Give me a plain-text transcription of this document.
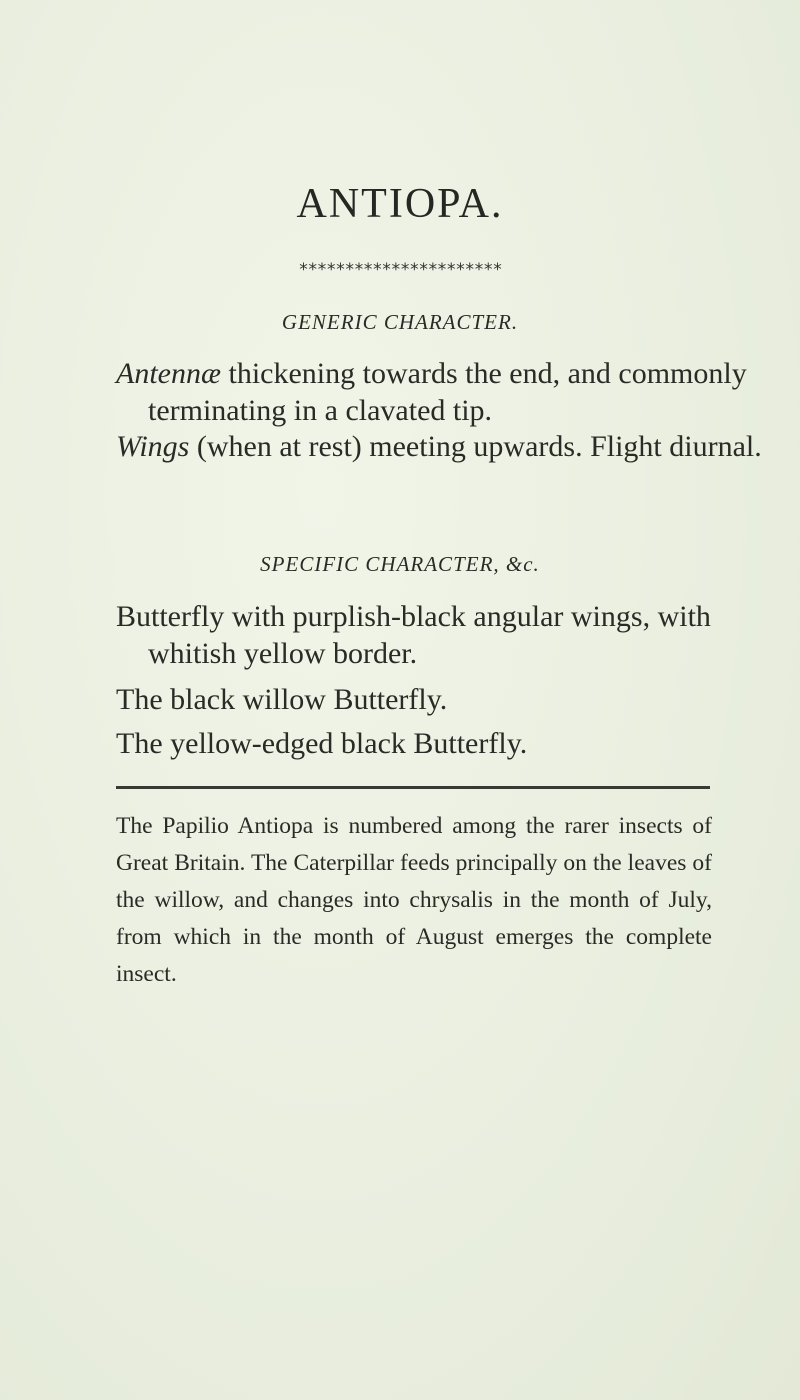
ANTIOPA.
**********************
GENERIC CHARACTER.

Antennæ thickening towards the end, and commonly terminating in a clavated tip.

Wings (when at rest) meeting upwards. Flight diurnal.

SPECIFIC CHARACTER, &c.

Butterfly with purplish-black angular wings, with whitish yellow border.

The black willow Butterfly.
The yellow-edged black Butterfly.

The Papilio Antiopa is numbered among the rarer insects of Great Britain. The Caterpillar feeds principally on the leaves of the willow, and changes into chrysalis in the month of July, from which in the month of August emerges the complete insect.
